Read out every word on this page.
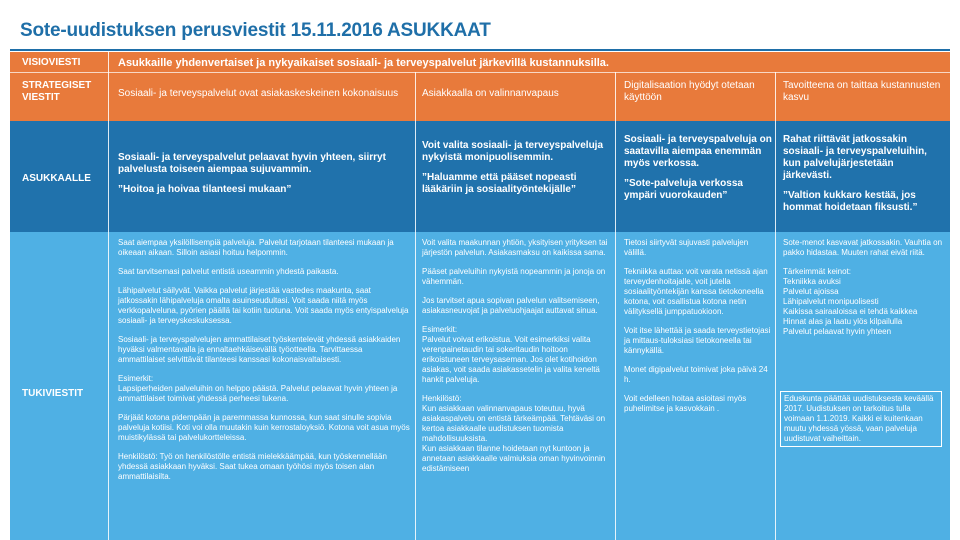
Sote-uudistuksen perusviestit 15.11.2016 ASUKKAAT
VISIOVIESTI
STRATEGISET
VIESTIT
ASUKKAALLE
TUKIVIESTIT
Asukkaille yhdenvertaiset ja nykyaikaiset sosiaali- ja terveyspalvelut järkevillä kustannuksilla.
Sosiaali- ja terveyspalvelut ovat asiakaskeskeinen kokonaisuus	Asiakkaalla on valinnanvapaus
Digitalisaation hyödyt otetaan käyttöön
Tavoitteena on taittaa kustannusten kasvu
Sosiaali- ja terveyspalvelut pelaavat hyvin yhteen, siirryt palvelusta toiseen aiempaa sujuvammin.
”Hoitoa ja hoivaa tilanteesi mukaan”
Voit valita sosiaali- ja terveyspalveluja nykyistä monipuolisemmin.
”Haluamme että pääset nopeasti lääkäriin ja sosiaalityöntekijälle”
Sosiaali- ja terveyspalveluja on saatavilla aiempaa enemmän myös verkossa.
”Sote-palveluja verkossa ympäri vuorokauden”
Rahat riittävät jatkossakin sosiaali- ja terveyspalveluihin, kun palvelujärjestetään järkevästi.
”Valtion kukkaro kestää, jos hommat hoidetaan fiksusti.”

Saat aiempaa yksilöllisempiä palveluja. Palvelut tarjotaan tilanteesi mukaan ja oikeaan aikaan. Silloin asiasi hoituu helpommin.

Saat tarvitsemasi palvelut entistä useammin yhdestä paikasta.

Lähipalvelut säilyvät. Vaikka palvelut järjestää vastedes maakunta, saat jatkossakin lähipalveluja omalta asuinseudultasi. Voit saada niitä myös verkkopalveluna, pyörien päällä tai kotiin tuotuna. Voit saada myös entyispalveluja sosiaali- ja terveyskeskuksessa.

Sosiaali- ja terveyspalvelujen ammattilaiset työskentelevät yhdessä asiakkaiden hyväksi valmentavalla ja ennaltaehkäisevällä työotteella. Tarvittaessa ammattilaiset selvittävät tilanteesi kanssasi kokonaisvaltaisesti.

Esimerkit:
Lapsiperheiden palveluihin on helppo päästä. Palvelut pelaavat hyvin yhteen ja ammattilaiset toimivat yhdessä perheesi tukena.

Pärjäät kotona pidempään ja paremmassa kunnossa, kun saat sinulle sopivia palveluja kotiisi. Koti voi olla muutakin kuin kerrostaloyksiö. Kotona voit asua myös muistikylässä tai palvelukortteleissa.

Henkilöstö: Työ on henkilöstölle entistä mielekkäämpää, kun työskennellään yhdessä asiakkaan hyväksi. Saat tukea omaan työhösi myös toisen alan ammattilaisilta.

Voit valita maakunnan yhtiön, yksityisen yrityksen tai järjestön palvelun. Asiakasmaksu on kaikissa sama.

Pääset palveluihin nykyistä nopeammin ja jonoja on vähemmän.

Jos tarvitset apua sopivan palvelun valitsemiseen, asiakasneuvojat ja palveluohjaajat auttavat sinua.

Esimerkit:
Palvelut voivat erikoistua. Voit esimerkiksi valita verenpainetaudin tai sokeritaudin hoitoon erikoistuneen terveysaseman. Jos olet kotihoidon asiakas, voit saada asiakassetelin ja valita keneltä hankit palveluja.

Henkilöstö:
Kun asiakkaan valinnanvapaus toteutuu, hyvä asiakaspalvelu on entistä tärkeämpää. Tehtäväsi on kertoa asiakkaalle uudistuksen tuomista mahdollisuuksista.
Kun asiakkaan tilanne hoidetaan nyt kuntoon ja annetaan asiakkaalle valmiuksia oman hyvinvoinnin edistämiseen

Tietosi siirtyvät sujuvasti palvelujen välillä.

Tekniikka auttaa: voit varata netissä ajan terveydenhoitajalle, voit jutella sosiaalityöntekijän kanssa tietokoneella kotona, voit osallistua kotona netin välityksellä jumppatuokioon.

Voit itse lähettää ja saada terveystietojasi ja mittaus-tuloksiasi tietokoneella tai kännykällä.

Monet digipalvelut toimivat joka päivä 24 h.

Voit edelleen hoitaa asioitasi myös puhelimitse ja kasvokkain .

Sote-menot kasvavat jatkossakin. Vauhtia on pakko hidastaa. Muuten rahat eivät riitä.

Tärkeimmät keinot:
Tekniikka avuksi
Palvelut ajoissa
Lähipalvelut monipuolisesti
Kaikissa sairaaloissa ei tehdä kaikkea
Hinnat alas ja laatu ylös kilpailulla
Palvelut pelaavat hyvin yhteen

Eduskunta päättää uudistuksesta keväällä 2017. Uudistuksen on tarkoitus tulla voimaan 1.1.2019. Kaikki ei kuitenkaan muutu yhdessä yössä, vaan palveluja uudistuvat vaiheittain.
